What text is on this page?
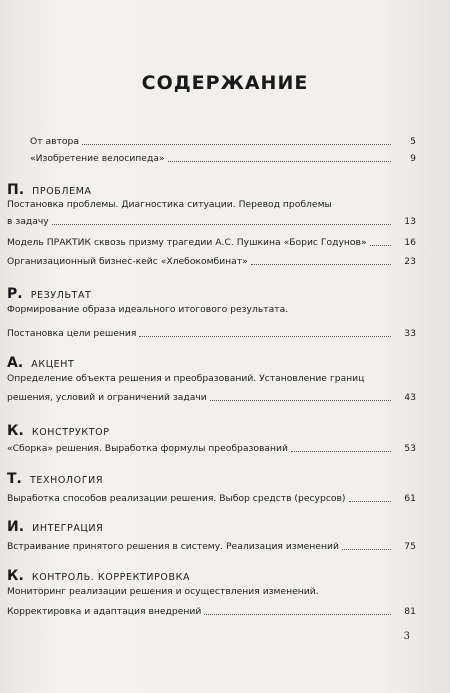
СОДЕРЖАНИЕ
От автора	5
«Изобретение велосипеда»	9
П. ПРОБЛЕМА
Постановка проблемы. Диагностика ситуации. Перевод проблемы
в задачу	13
Модель ПРАКТИК сквозь призму трагедии А.С. Пушкина «Борис Годунов»	16
Организационный бизнес-кейс «Хлебокомбинат»	23
Р. РЕЗУЛЬТАТ
Формирование образа идеального итогового результата.
Постановка цели решения	33
А. АКЦЕНТ
Определение объекта решения и преобразований. Установление границ
решения, условий и ограничений задачи	43
К. КОНСТРУКТОР
«Сборка» решения. Выработка формулы преобразований	53
Т. ТЕХНОЛОГИЯ
Выработка способов реализации решения. Выбор средств (ресурсов)	61
И. ИНТЕГРАЦИЯ
Встраивание принятого решения в систему. Реализация изменений	75
К. КОНТРОЛЬ. КОРРЕКТИРОВКА
Мониторинг реализации решения и осуществления изменений.
Корректировка и адаптация внедрений	81
3
